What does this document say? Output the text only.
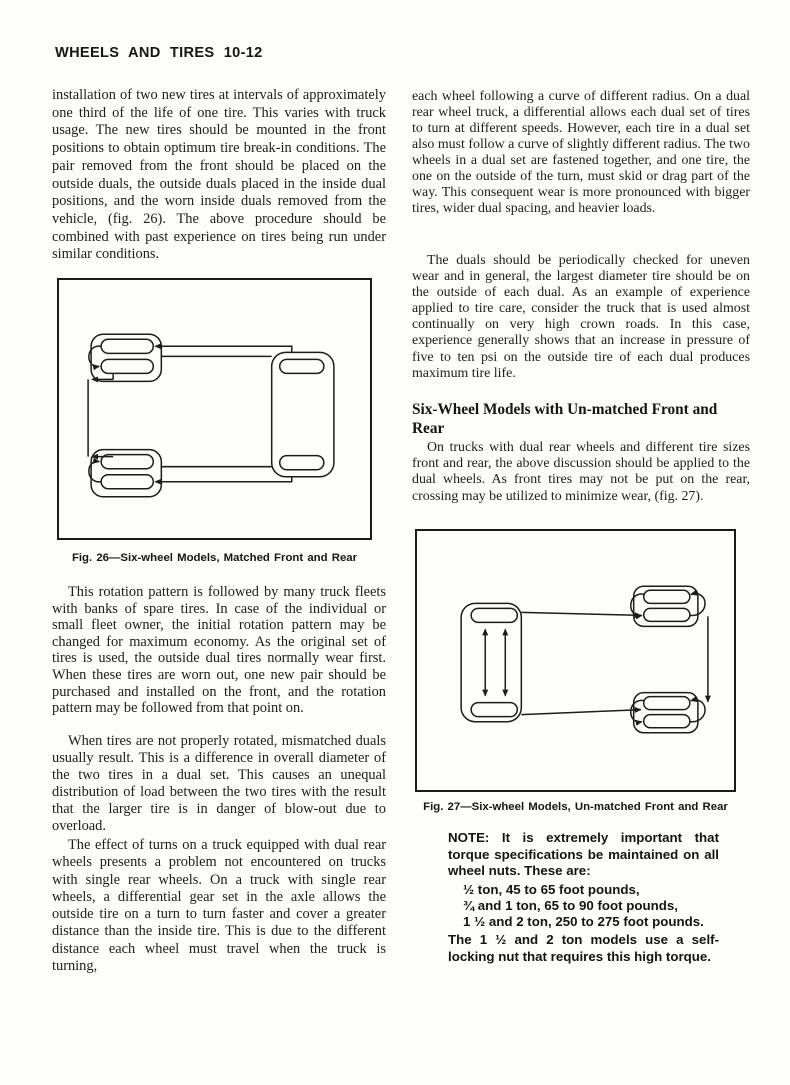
WHEELS AND TIRES 10-12

installation of two new tires at intervals of approximately one third of the life of one tire. This varies with truck usage. The new tires should be mounted in the front positions to obtain optimum tire break-in conditions. The pair removed from the front should be placed on the outside duals, the outside duals placed in the inside dual positions, and the worn inside duals removed from the vehicle, (fig. 26). The above procedure should be combined with past experience on tires being run under similar conditions.

Fig. 26—Six-wheel Models, Matched Front and Rear

This rotation pattern is followed by many truck fleets with banks of spare tires. In case of the individual or small fleet owner, the initial rotation pattern may be changed for maximum economy. As the original set of tires is used, the outside dual tires normally wear first. When these tires are worn out, one new pair should be purchased and installed on the front, and the rotation pattern may be followed from that point on.

When tires are not properly rotated, mismatched duals usually result. This is a difference in overall diameter of the two tires in a dual set. This causes an unequal distribution of load between the two tires with the result that the larger tire is in danger of blow-out due to overload.

The effect of turns on a truck equipped with dual rear wheels presents a problem not encountered on trucks with single rear wheels. On a truck with single rear wheels, a differential gear set in the axle allows the outside tire on a turn to turn faster and cover a greater distance than the inside tire. This is due to the different distance each wheel must travel when the truck is turning,

each wheel following a curve of different radius. On a dual rear wheel truck, a differential allows each dual set of tires to turn at different speeds. However, each tire in a dual set also must follow a curve of slightly different radius. The two wheels in a dual set are fastened together, and one tire, the one on the outside of the turn, must skid or drag part of the way. This consequent wear is more pronounced with bigger tires, wider dual spacing, and heavier loads.

The duals should be periodically checked for uneven wear and in general, the largest diameter tire should be on the outside of each dual. As an example of experience applied to tire care, consider the truck that is used almost continually on very high crown roads. In this case, experience generally shows that an increase in pressure of five to ten psi on the outside tire of each dual produces maximum tire life.

Six-Wheel Models with Un-matched Front and Rear

On trucks with dual rear wheels and different tire sizes front and rear, the above discussion should be applied to the dual wheels. As front tires may not be put on the rear, crossing may be utilized to minimize wear, (fig. 27).

Fig. 27—Six-wheel Models, Un-matched Front and Rear

NOTE: It is extremely important that torque specifications be maintained on all wheel nuts. These are:

½ ton, 45 to 65 foot pounds,
¾ and 1 ton, 65 to 90 foot pounds,
1 ½ and 2 ton, 250 to 275 foot pounds.

The 1 ½ and 2 ton models use a self-locking nut that requires this high torque.
